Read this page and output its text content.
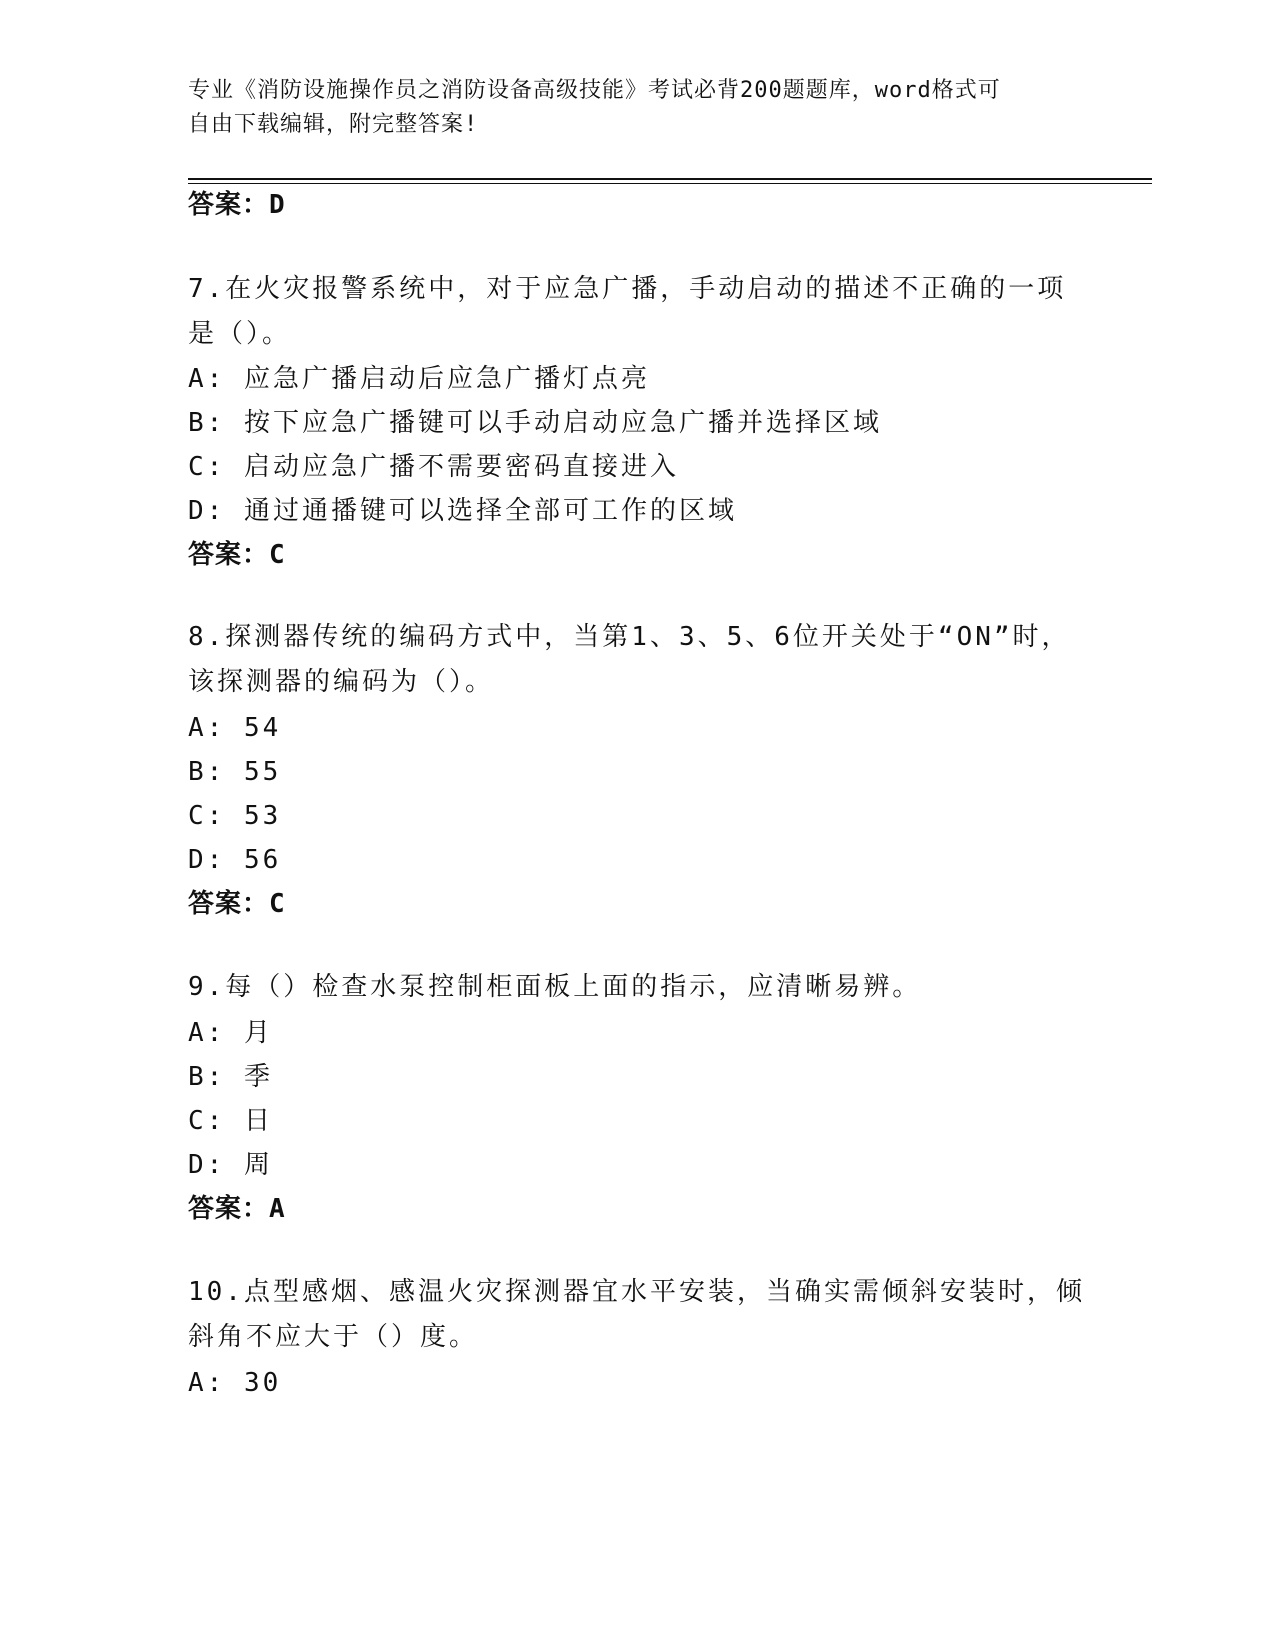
专业《消防设施操作员之消防设备高级技能》考试必背200题题库，word格式可
自由下载编辑，附完整答案!
答案：D
7.在火灾报警系统中，对于应急广播，手动启动的描述不正确的一项
是（）。
A: 应急广播启动后应急广播灯点亮
B: 按下应急广播键可以手动启动应急广播并选择区域
C: 启动应急广播不需要密码直接进入
D: 通过通播键可以选择全部可工作的区域
答案：C
8.探测器传统的编码方式中，当第1、3、5、6位开关处于“ON”时，
该探测器的编码为（）。
A: 54
B: 55
C: 53
D: 56
答案：C
9.每（）检查水泵控制柜面板上面的指示，应清晰易辨。
A: 月
B: 季
C: 日
D: 周
答案：A
10.点型感烟、感温火灾探测器宜水平安装，当确实需倾斜安装时，倾
斜角不应大于（）度。
A: 30
